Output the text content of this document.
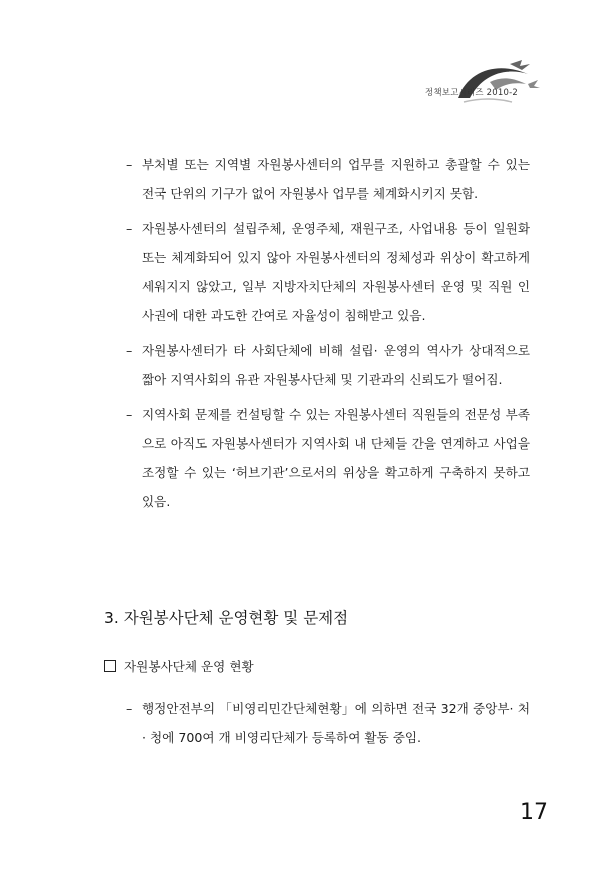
정책보고시리즈 2010-2
– 부처별 또는 지역별 자원봉사센터의 업무를 지원하고 총괄할 수 있는 전국 단위의 기구가 없어 자원봉사 업무를 체계화시키지 못함.
– 자원봉사센터의 설립주체, 운영주체, 재원구조, 사업내용 등이 일원화 또는 체계화되어 있지 않아 자원봉사센터의 정체성과 위상이 확고하게 세워지지 않았고, 일부 지방자치단체의 자원봉사센터 운영 및 직원 인사권에 대한 과도한 간여로 자율성이 침해받고 있음.
– 자원봉사센터가 타 사회단체에 비해 설립· 운영의 역사가 상대적으로 짧아 지역사회의 유관 자원봉사단체 및 기관과의 신뢰도가 떨어짐.
– 지역사회 문제를 컨설팅할 수 있는 자원봉사센터 직원들의 전문성 부족으로 아직도 자원봉사센터가 지역사회 내 단체들 간을 연계하고 사업을 조정할 수 있는 ‘허브기관’으로서의 위상을 확고하게 구축하지 못하고 있음.
3. 자원봉사단체 운영현황 및 문제점
자원봉사단체 운영 현황
– 행정안전부의 「비영리민간단체현황」에 의하면 전국 32개 중앙부· 처· 청에 700여 개 비영리단체가 등록하여 활동 중임.
17
